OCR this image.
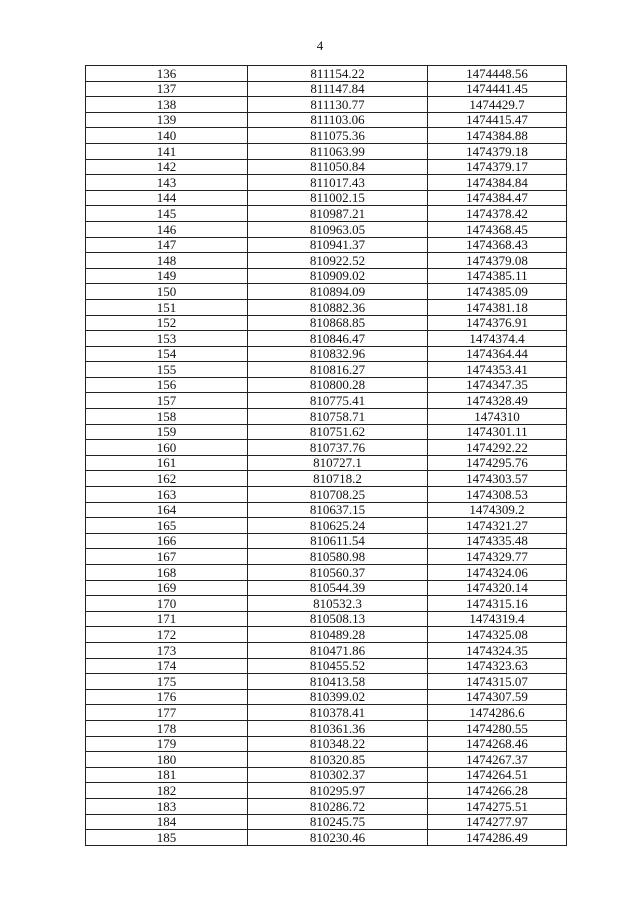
4
136	811154.22	1474448.56
137	811147.84	1474441.45
138	811130.77	1474429.7
139	811103.06	1474415.47
140	811075.36	1474384.88
141	811063.99	1474379.18
142	811050.84	1474379.17
143	811017.43	1474384.84
144	811002.15	1474384.47
145	810987.21	1474378.42
146	810963.05	1474368.45
147	810941.37	1474368.43
148	810922.52	1474379.08
149	810909.02	1474385.11
150	810894.09	1474385.09
151	810882.36	1474381.18
152	810868.85	1474376.91
153	810846.47	1474374.4
154	810832.96	1474364.44
155	810816.27	1474353.41
156	810800.28	1474347.35
157	810775.41	1474328.49
158	810758.71	1474310
159	810751.62	1474301.11
160	810737.76	1474292.22
161	810727.1	1474295.76
162	810718.2	1474303.57
163	810708.25	1474308.53
164	810637.15	1474309.2
165	810625.24	1474321.27
166	810611.54	1474335.48
167	810580.98	1474329.77
168	810560.37	1474324.06
169	810544.39	1474320.14
170	810532.3	1474315.16
171	810508.13	1474319.4
172	810489.28	1474325.08
173	810471.86	1474324.35
174	810455.52	1474323.63
175	810413.58	1474315.07
176	810399.02	1474307.59
177	810378.41	1474286.6
178	810361.36	1474280.55
179	810348.22	1474268.46
180	810320.85	1474267.37
181	810302.37	1474264.51
182	810295.97	1474266.28
183	810286.72	1474275.51
184	810245.75	1474277.97
185	810230.46	1474286.49
